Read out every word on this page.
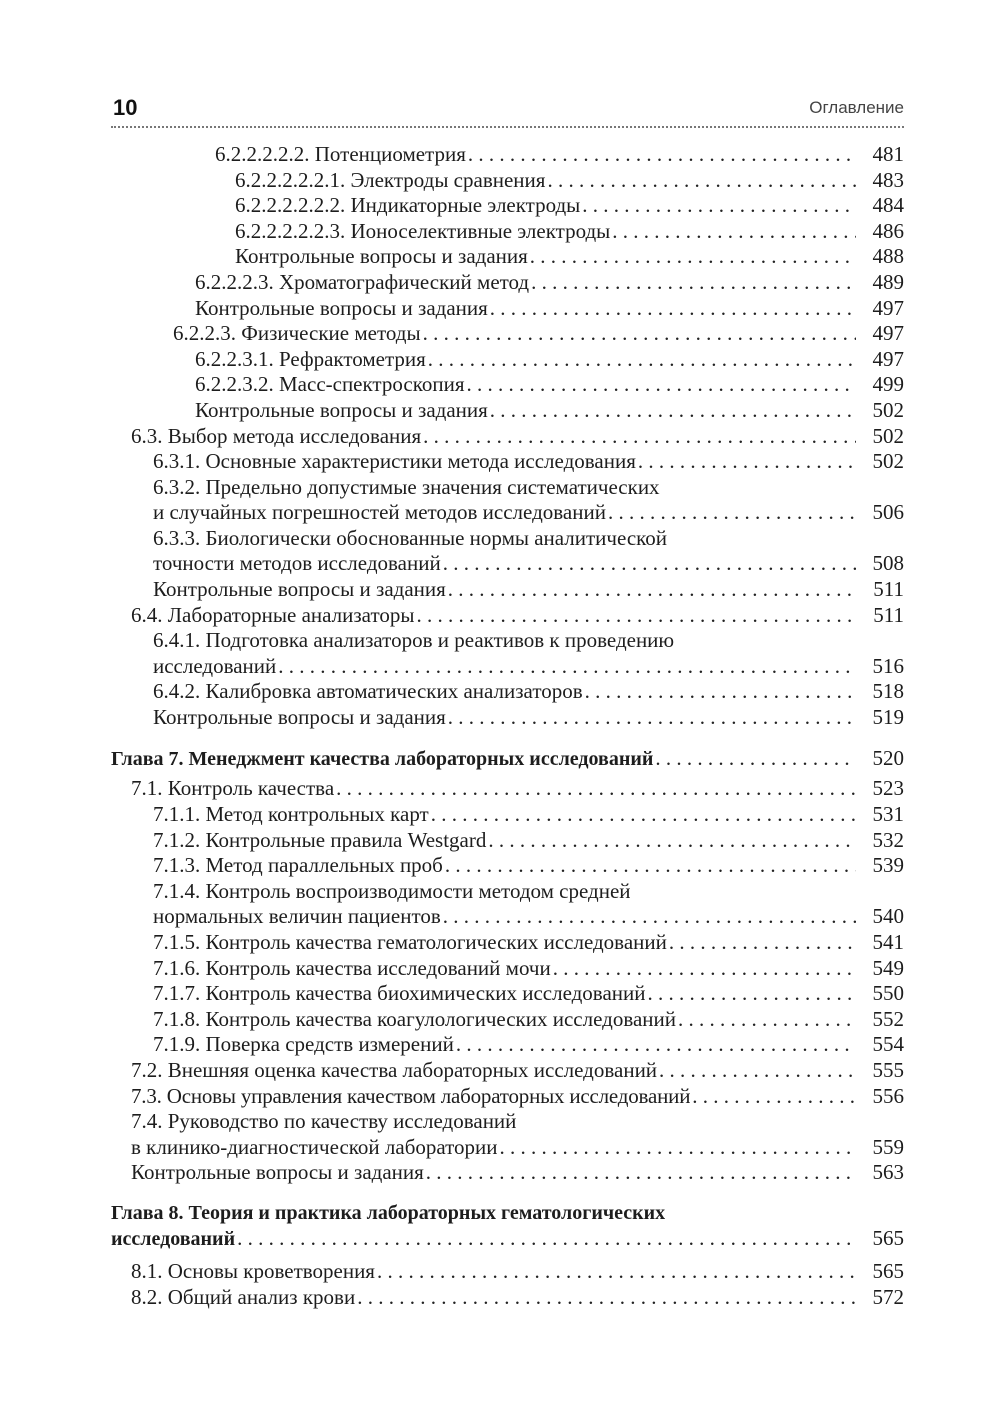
10	Оглавление
6.2.2.2.2.2. Потенциометрия . . .	481
6.2.2.2.2.2.1. Электроды сравнения . . .	483
6.2.2.2.2.2.2. Индикаторные электроды . . .	484
6.2.2.2.2.2.3. Ионоселективные электроды . . .	486
Контрольные вопросы и задания . . .	488
6.2.2.2.3. Хроматографический метод . . .	489
Контрольные вопросы и задания . . .	497
6.2.2.3. Физические методы . . .	497
6.2.2.3.1. Рефрактометрия . . .	497
6.2.2.3.2. Масс-спектроскопия . . .	499
Контрольные вопросы и задания . . .	502
6.3. Выбор метода исследования . . .	502
6.3.1. Основные характеристики метода исследования . . .	502
6.3.2. Предельно допустимые значения систематических
и случайных погрешностей методов исследований . . .	506
6.3.3. Биологически обоснованные нормы аналитической
точности методов исследований . . .	508
Контрольные вопросы и задания . . .	511
6.4. Лабораторные анализаторы . . .	511
6.4.1. Подготовка анализаторов и реактивов к проведению
исследований . . .	516
6.4.2. Калибровка автоматических анализаторов . . .	518
Контрольные вопросы и задания . . .	519
Глава 7. Менеджмент качества лабораторных исследований . . .	520
7.1. Контроль качества . . .	523
7.1.1. Метод контрольных карт . . .	531
7.1.2. Контрольные правила Westgard . . .	532
7.1.3. Метод параллельных проб . . .	539
7.1.4. Контроль воспроизводимости методом средней
нормальных величин пациентов . . .	540
7.1.5. Контроль качества гематологических исследований . . .	541
7.1.6. Контроль качества исследований мочи . . .	549
7.1.7. Контроль качества биохимических исследований . . .	550
7.1.8. Контроль качества коагулологических исследований . . .	552
7.1.9. Поверка средств измерений . . .	554
7.2. Внешняя оценка качества лабораторных исследований . . .	555
7.3. Основы управления качеством лабораторных исследований . . .	556
7.4. Руководство по качеству исследований
в клинико-диагностической лаборатории . . .	559
Контрольные вопросы и задания . . .	563
Глава 8. Теория и практика лабораторных гематологических
исследований . . .	565
8.1. Основы кроветворения . . .	565
8.2. Общий анализ крови . . .	572
